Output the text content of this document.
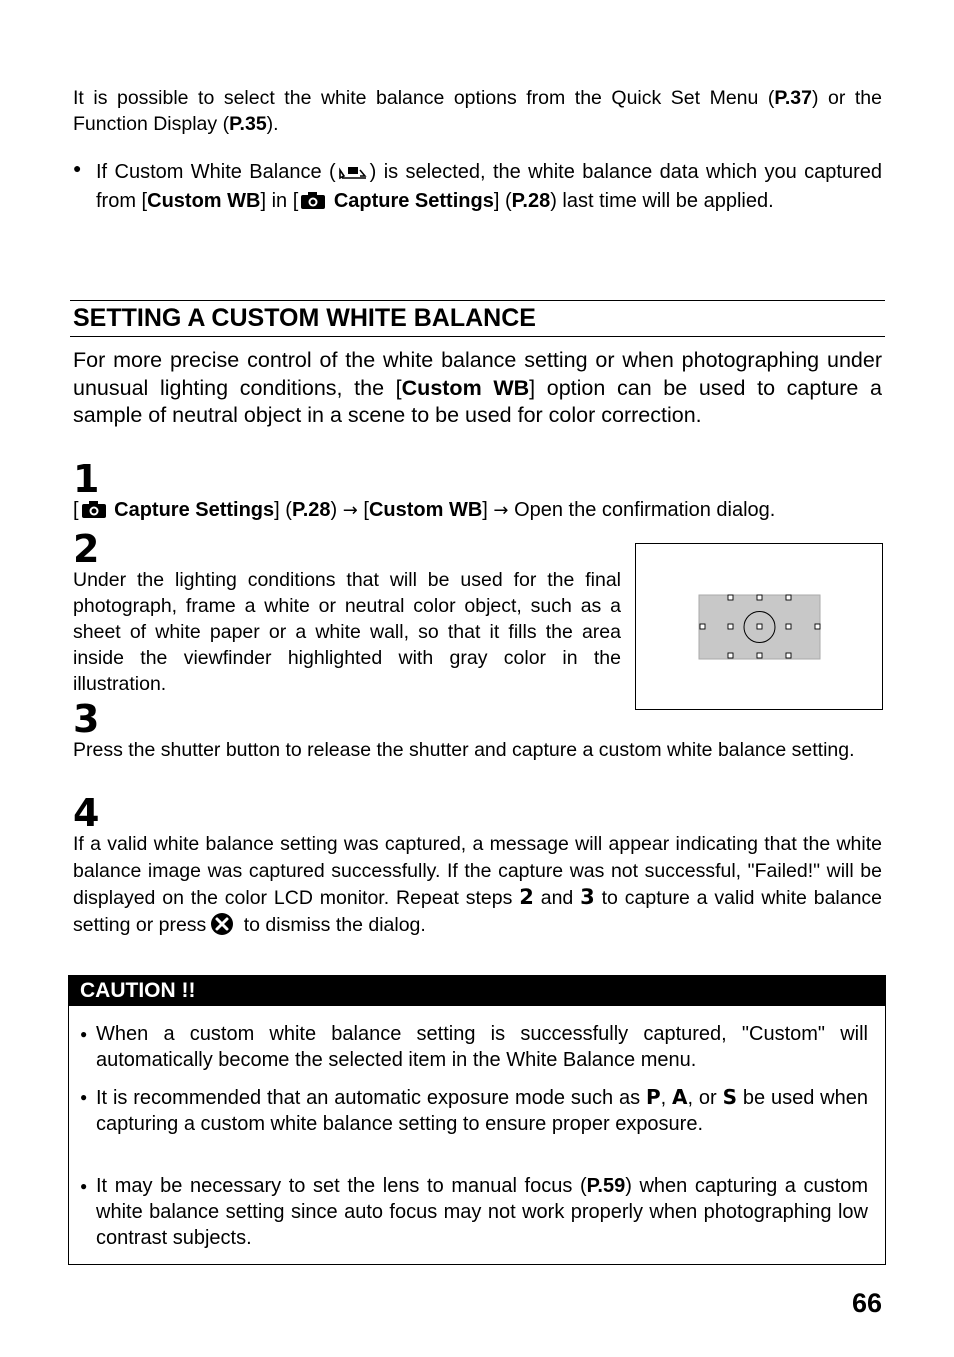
It is possible to select the white balance options from the Quick Set Menu (P.37) or the Function Display (P.35).

● If Custom White Balance ( ) is selected, the white balance data which you captured from [Custom WB] in [ Capture Settings] (P.28) last time will be applied.

SETTING A CUSTOM WHITE BALANCE

For more precise control of the white balance setting or when photographing under unusual lighting conditions, the [Custom WB] option can be used to capture a sample of neutral object in a scene to be used for color correction.

1

[ Capture Settings] (P.28) → [Custom WB] → Open the confirmation dialog.

2

Under the lighting conditions that will be used for the final photograph, frame a white or neutral color object, such as a sheet of white paper or a white wall, so that it fills the area inside the viewfinder highlighted with gray color in the illustration.

3

Press the shutter button to release the shutter and capture a custom white balance setting.

4

If a valid white balance setting was captured, a message will appear indicating that the white balance image was captured successfully. If the capture was not successful, "Failed!" will be displayed on the color LCD monitor. Repeat steps 2 and 3 to capture a valid white balance setting or press to dismiss the dialog.

CAUTION !!
● When a custom white balance setting is successfully captured, "Custom" will automatically become the selected item in the White Balance menu.

● It is recommended that an automatic exposure mode such as P, A, or S be used when capturing a custom white balance setting to ensure proper exposure.

● It may be necessary to set the lens to manual focus (P.59) when capturing a custom white balance setting since auto focus may not work properly when photographing low contrast subjects.

66
